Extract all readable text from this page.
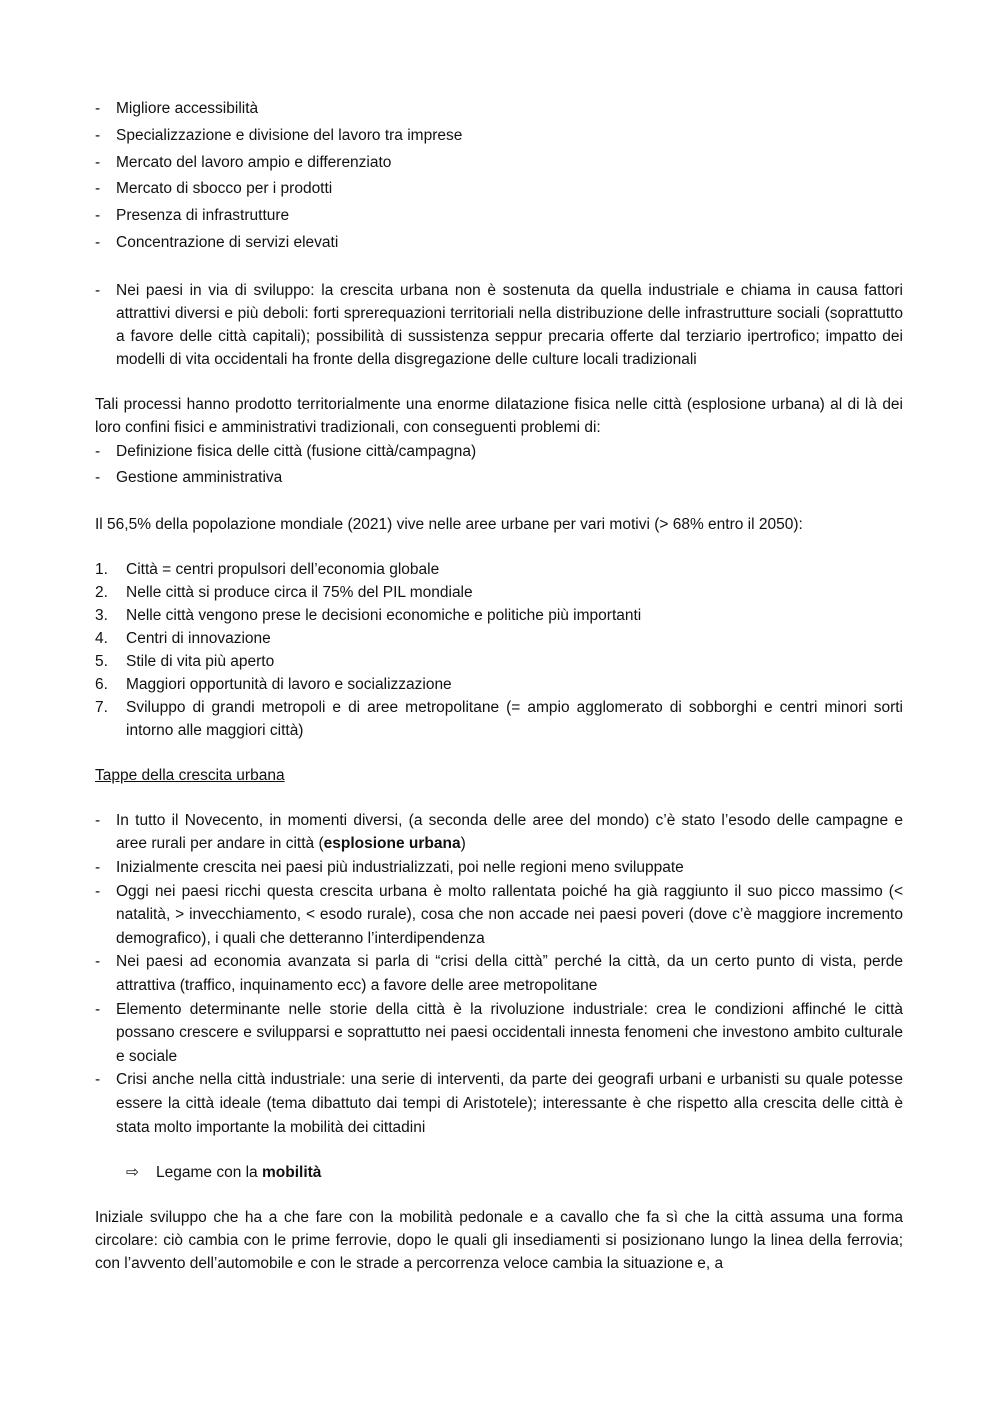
-	Migliore accessibilità
-	Specializzazione e divisione del lavoro tra imprese
-	Mercato del lavoro ampio e differenziato
-	Mercato di sbocco per i prodotti
-	Presenza di infrastrutture
-	Concentrazione di servizi elevati
-	Nei paesi in via di sviluppo: la crescita urbana non è sostenuta da quella industriale e chiama in causa fattori attrattivi diversi e più deboli: forti sprerequazioni territoriali nella distribuzione delle infrastrutture sociali (soprattutto a favore delle città capitali); possibilità di sussistenza seppur precaria offerte dal terziario ipertrofico; impatto dei modelli di vita occidentali ha fronte della disgregazione delle culture locali tradizionali

Tali processi hanno prodotto territorialmente una enorme dilatazione fisica nelle città (esplosione urbana) al di là dei loro confini fisici e amministrativi tradizionali, con conseguenti problemi di:

-	Definizione fisica delle città (fusione città/campagna)
-	Gestione amministrativa

Il 56,5% della popolazione mondiale (2021) vive nelle aree urbane per vari motivi (> 68% entro il 2050):

1.	Città = centri propulsori dell’economia globale
2.	Nelle città si produce circa il 75% del PIL mondiale
3.	Nelle città vengono prese le decisioni economiche e politiche più importanti
4.	Centri di innovazione
5.	Stile di vita più aperto
6.	Maggiori opportunità di lavoro e socializzazione
7.	Sviluppo di grandi metropoli e di aree metropolitane (= ampio agglomerato di sobborghi e centri minori sorti intorno alle maggiori città)

Tappe della crescita urbana

-	In tutto il Novecento, in momenti diversi, (a seconda delle aree del mondo) c’è stato l’esodo delle campagne e aree rurali per andare in città (esplosione urbana)
-	Inizialmente crescita nei paesi più industrializzati, poi nelle regioni meno sviluppate
-	Oggi nei paesi ricchi questa crescita urbana è molto rallentata poiché ha già raggiunto il suo picco massimo (< natalità, > invecchiamento, < esodo rurale), cosa che non accade nei paesi poveri (dove c’è maggiore incremento demografico), i quali che detteranno l’interdipendenza
-	Nei paesi ad economia avanzata si parla di “crisi della città” perché la città, da un certo punto di vista, perde attrattiva (traffico, inquinamento ecc) a favore delle aree metropolitane
-	Elemento determinante nelle storie della città è la rivoluzione industriale: crea le condizioni affinché le città possano crescere e svilupparsi e soprattutto nei paesi occidentali innesta fenomeni che investono ambito culturale e sociale
-	Crisi anche nella città industriale: una serie di interventi, da parte dei geografi urbani e urbanisti su quale potesse essere la città ideale (tema dibattuto dai tempi di Aristotele); interessante è che rispetto alla crescita delle città è stata molto importante la mobilità dei cittadini
⇨	Legame con la mobilità

Iniziale sviluppo che ha a che fare con la mobilità pedonale e a cavallo che fa sì che la città assuma una forma circolare: ciò cambia con le prime ferrovie, dopo le quali gli insediamenti si posizionano lungo la linea della ferrovia; con l’avvento dell’automobile e con le strade a percorrenza veloce cambia la situazione e, a
